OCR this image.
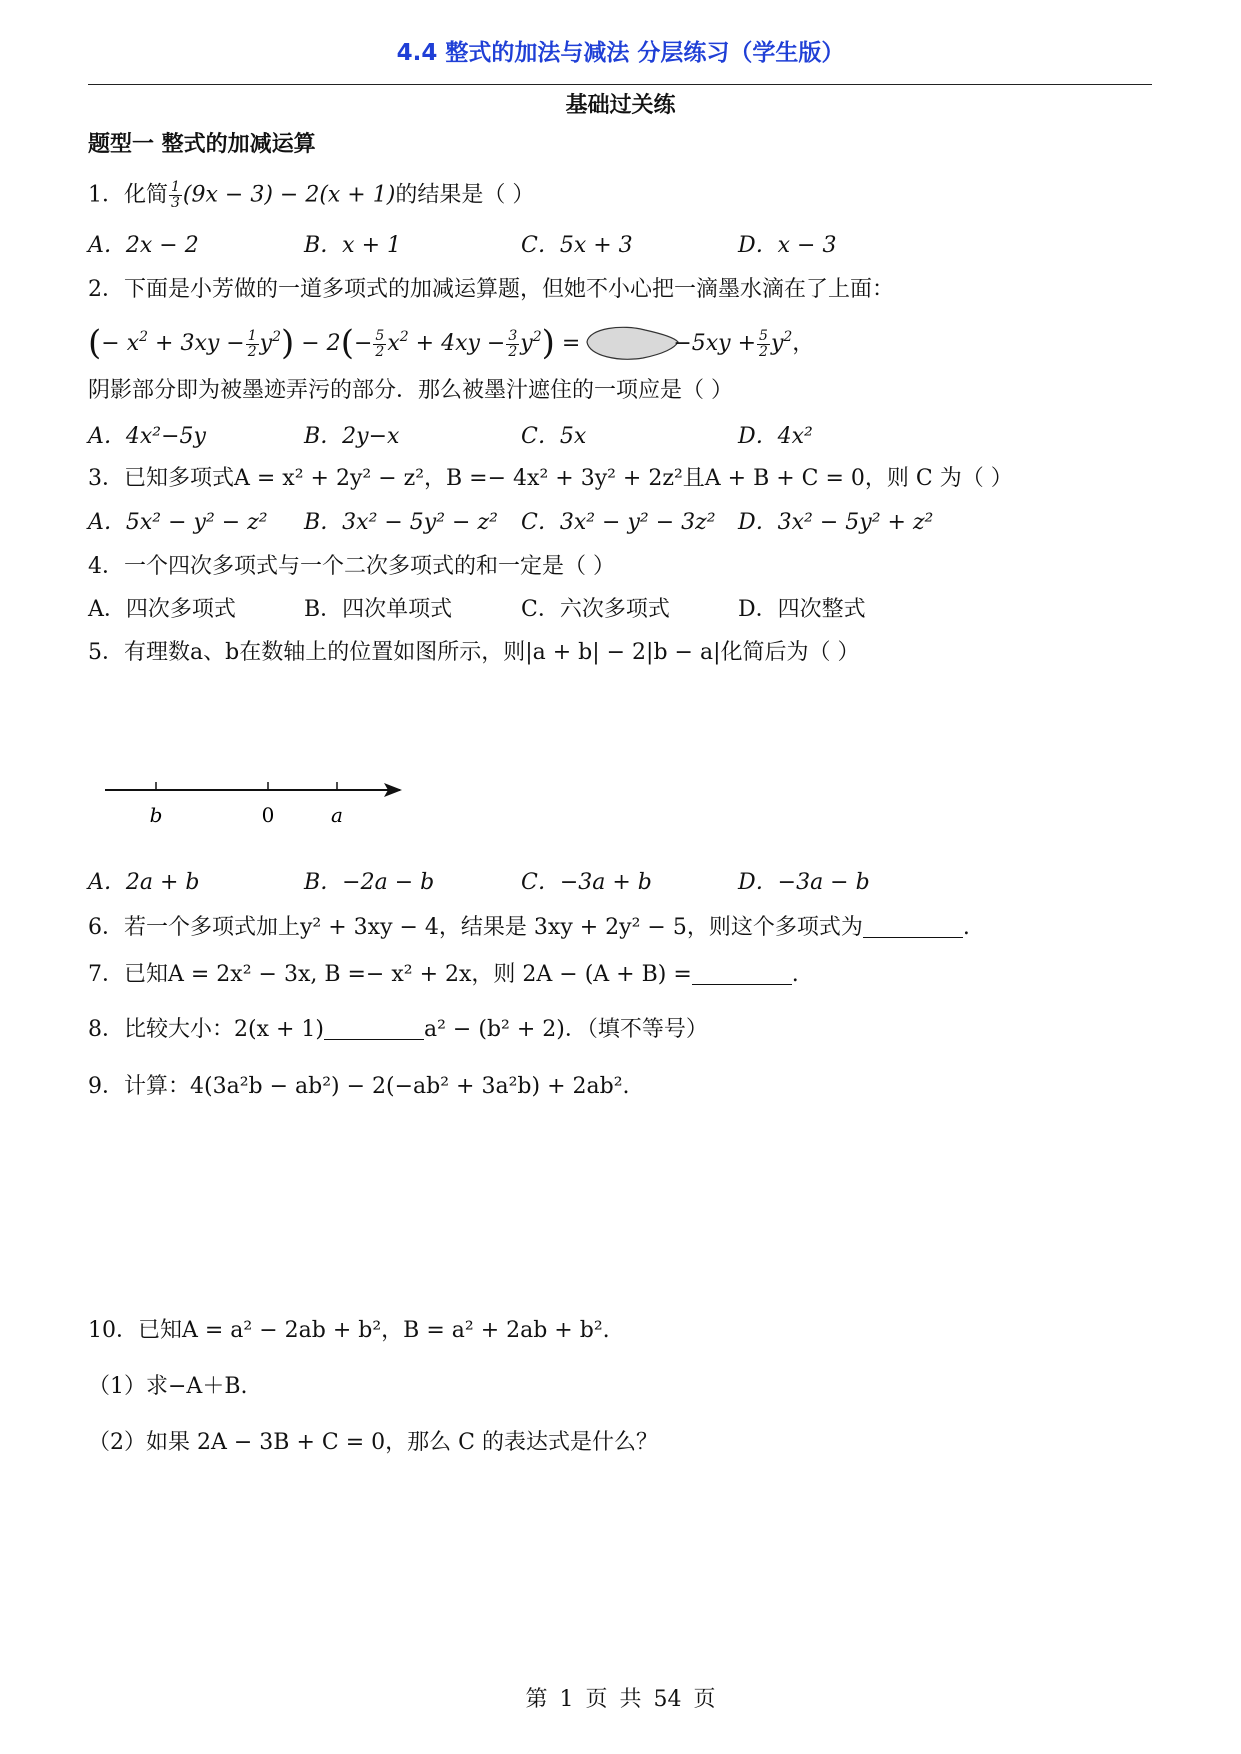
4.4 整式的加法与减法 分层练习（学生版）
基础过关练
题型一 整式的加减运算
1．化简 $\frac{1}{3} (9x - 3) - 2(x + 1)$的结果是（ ）
A．2x − 2	B．x + 1	C．5x + 3	D．x − 3
2．下面是小芳做的一道多项式的加减运算题，但她不小心把一滴墨水滴在了上面：
(− $x^2 + 3xy - \frac{1}{2} y^2) - 2(- \frac{5}{2} x^2 + 4xy - \frac{3}{2} y^2)$ =	$-5xy + \frac{5}{2} y^2$，
阴影部分即为被墨迹弄污的部分．那么被墨汁遮住的一项应是（ ）
A．4x²−5y	B．2y−x	C．5x	D．4x²
3．已知多项式A = x² + 2y² − z²，B =− 4x² + 3y² + 2z²且A + B + C = 0，则 C 为（ ）
A．5x² − y² − z² B．3x² − 5y² − z² C．3x² − y² − 3z² D．3x² − 5y² + z²
4．一个四次多项式与一个二次多项式的和一定是（ ）
A．四次多项式	B．四次单项式	C．六次多项式	D．四次整式
5．有理数a、b在数轴上的位置如图所示，则|a + b| − 2|b − a|化简后为（ ）
b	0	a
A．2a + b	B．−2a − b	C．−3a + b	D．−3a − b
6．若一个多项式加上y² + 3xy − 4，结果是 3xy + 2y² − 5，则这个多项式为	.
7．已知A = 2x² − 3x, B =− x² + 2x，则 2A − (A + B) =	.
8．比较大小：2(x + 1)	a² − (b² + 2)．（填不等号）
9．计算：4(3a²b − ab²) − 2(−ab² + 3a²b) + 2ab².
10．已知A = a² − 2ab + b²，B = a² + 2ab + b².
（1）求−A＋B.
（2）如果 2A − 3B + C = 0，那么 C 的表达式是什么？
第 1 页 共 54 页
